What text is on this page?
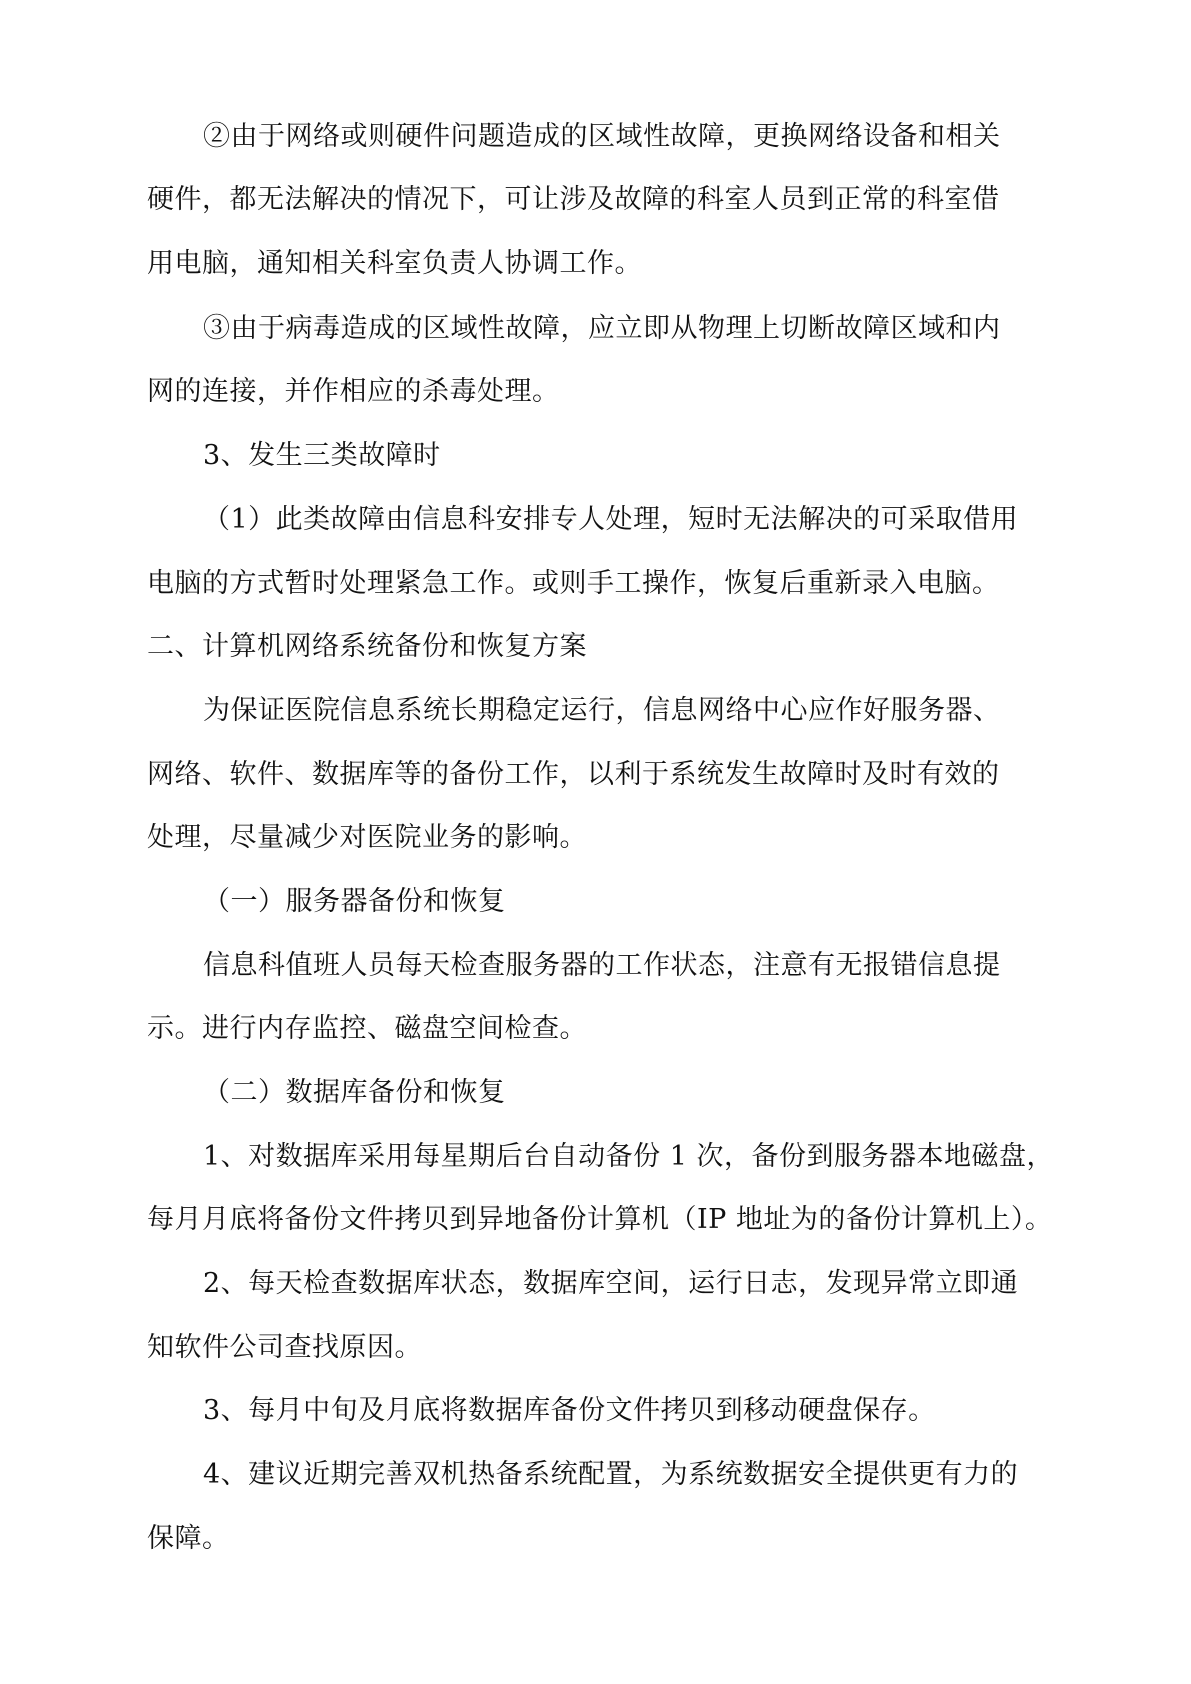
②由于网络或则硬件问题造成的区域性故障，更换网络设备和相关
硬件，都无法解决的情况下，可让涉及故障的科室人员到正常的科室借
用电脑，通知相关科室负责人协调工作。
③由于病毒造成的区域性故障，应立即从物理上切断故障区域和内
网的连接，并作相应的杀毒处理。
3、发生三类故障时
（1）此类故障由信息科安排专人处理，短时无法解决的可采取借用
电脑的方式暂时处理紧急工作。或则手工操作，恢复后重新录入电脑。
二、计算机网络系统备份和恢复方案
为保证医院信息系统长期稳定运行，信息网络中心应作好服务器、
网络、软件、数据库等的备份工作，以利于系统发生故障时及时有效的
处理，尽量减少对医院业务的影响。
（一）服务器备份和恢复
信息科值班人员每天检查服务器的工作状态，注意有无报错信息提
示。进行内存监控、磁盘空间检查。
（二）数据库备份和恢复
1、对数据库采用每星期后台自动备份 1 次，备份到服务器本地磁盘，
每月月底将备份文件拷贝到异地备份计算机（IP 地址为的备份计算机上）。
2、每天检查数据库状态，数据库空间，运行日志，发现异常立即通
知软件公司查找原因。
3、每月中旬及月底将数据库备份文件拷贝到移动硬盘保存。
4、建议近期完善双机热备系统配置，为系统数据安全提供更有力的
保障。
